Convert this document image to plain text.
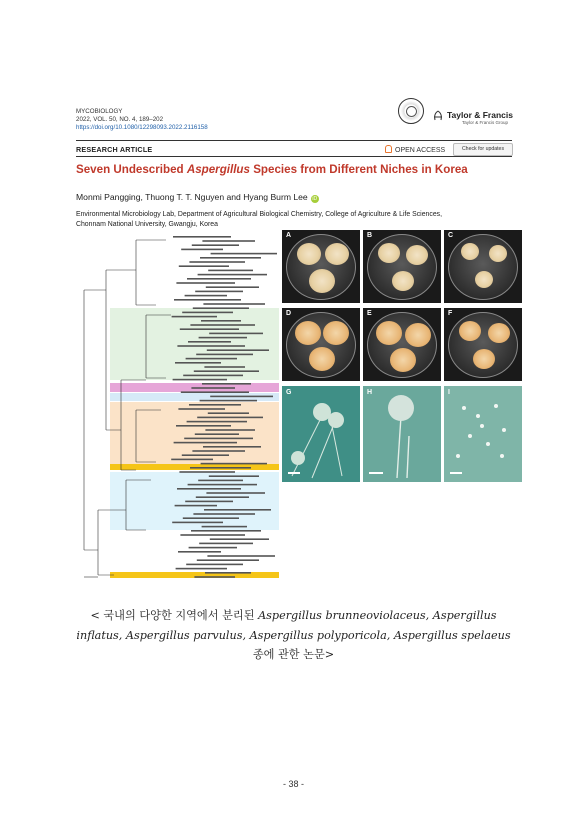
MYCOBIOLOGY
2022, VOL. 50, NO. 4, 189–202
https://doi.org/10.1080/12298093.2022.2116158
Taylor & Francis
Taylor & Francis Group
RESEARCH ARTICLE	OPEN ACCESS	Check for updates
Seven Undescribed Aspergillus Species from Different Niches in Korea
Monmi Pangging, Thuong T. T. Nguyen and Hyang Burm Lee iD
Environmental Microbiology Lab, Department of Agricultural Biological Chemistry, College of Agriculture & Life Sciences,
Chonnam National University, Gwangju, Korea
A	B	C
D	E	F
G	H	I
< 국내의 다양한 지역에서 분리된 Aspergillus brunneoviolaceus, Aspergillus
inflatus, Aspergillus parvulus, Aspergillus polyporicola, Aspergillus spelaeus
종에 관한 논문>
- 38 -
